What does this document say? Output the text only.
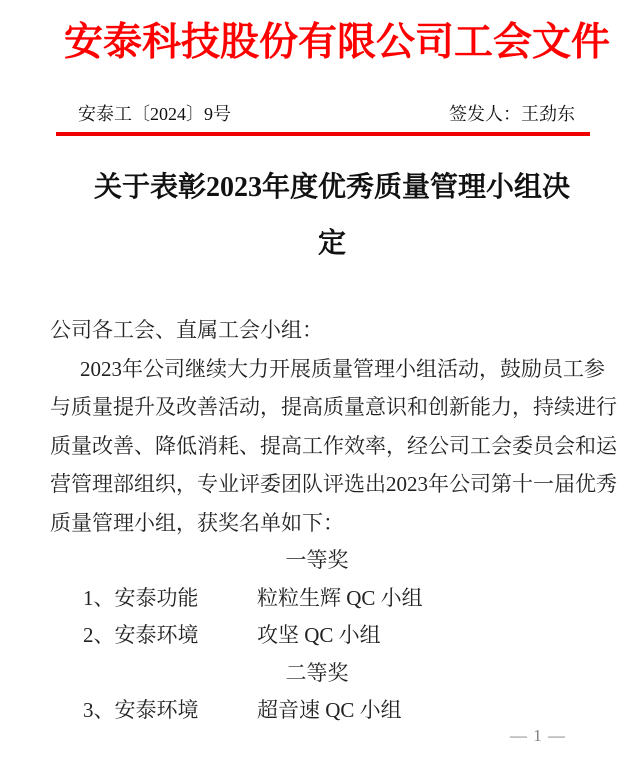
安泰科技股份有限公司工会文件
安泰工〔2024〕9号	签发人：王劲东
关于表彰2023年度优秀质量管理小组决
定
公司各工会、直属工会小组：
2023年公司继续大力开展质量管理小组活动，鼓励员工参
与质量提升及改善活动，提高质量意识和创新能力，持续进行
质量改善、降低消耗、提高工作效率，经公司工会委员会和运
营管理部组织，专业评委团队评选出2023年公司第十一届优秀
质量管理小组，获奖名单如下：
一等奖
1、安泰功能	粒粒生辉 QC 小组
2、安泰环境	攻坚 QC 小组
二等奖
3、安泰环境	超音速 QC 小组
— 1 —
